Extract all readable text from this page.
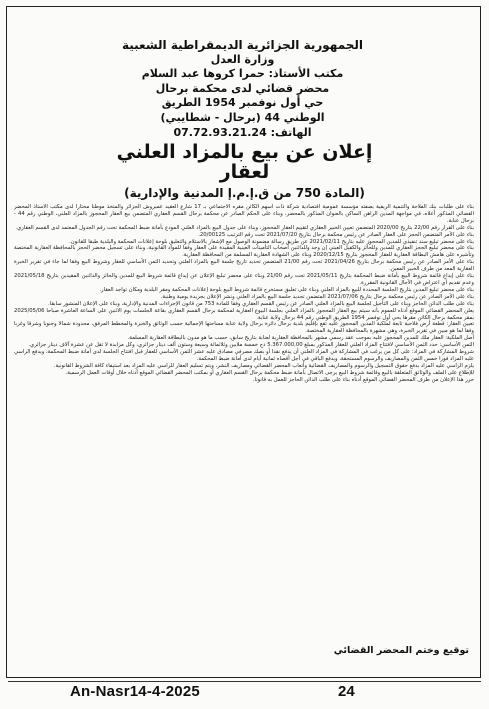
الجمهورية الجزائرية الديمقراطية الشعبية
وزارة العدل
مكتب الأستاذ: حمرا كروها عبد السلام
محضر قضائي لدى محكمة برحال
حي أول نوفمبر 1954 الطريق
الوطني 44 (برحال - شطايبي)
الهاتف: 07.72.93.21.24
إعلان عن بيع بالمزاد العلني
لعقار
(المادة 750 من ق.إ.م.إ المدنية والإدارية)

بناء على طلبات بنك الفلاحة والتنمية الريفية بصفته مؤسسة عمومية اقتصادية شركة ذات أسهم الكائن مقره الاجتماعي بـ 17 شارع العقيد عميروش الجزائر والمتخذ موطنا مختارا لدى مكتب الأستاذ المحضر القضائي المذكور أعلاه، في مواجهة المدين الراهن الساكن بالعنوان المذكور بالمحضر، وبناء على الحكم الصادر عن محكمة برحال القسم العقاري المتضمن بيع العقار المحجوز بالمزاد العلني، الوطني رقم 44 - برحال عنابة.

بناء على القرار رقم 22/00 بتاريخ 2020/00 المتضمن تعيين الخبير العقاري لتقييم العقار المحجوز، وبناء على جدول البيع بالمزاد العلني المودع بأمانة ضبط المحكمة تحت رقم الجدول المعتمد لدى القسم العقاري.

بناء على الأمر المتضمن الحجز على العقار الصادر عن رئيس محكمة برحال بتاريخ 2021/07/20 تحت رقم الترتيب 20/00125.

بناء على محضر تبليغ سند تنفيذي للمدين المحجوز عليه بتاريخ 2021/02/11 عن طريق رسالة مضمونة الوصول مع الإشعار بالاستلام والتعليق بلوحة إعلانات المحكمة والبلدية طبقا للقانون.

بناء على محضر تبليغ الحجز العقاري للمدين وللحائز والكفيل العيني إن وجد وللدائنين أصحاب التأمينات العينية المقيدة على العقار وفقا للمواد القانونية، وبناء على تسجيل محضر الحجز بالمحافظة العقارية المختصة وتأشيره على هامش البطاقة العقارية للعقار المحجوز بتاريخ 2020/12/15 وبناء على الشهادة العقارية المسلمة من المحافظة العقارية.

بناء على الأمر الصادر عن رئيس محكمة برحال بتاريخ 2021/04/26 تحت رقم 21/00 المتضمن تحديد تاريخ جلسة البيع بالمزاد العلني وتحديد الثمن الأساسي للعقار وشروط البيع وفقا لما جاء في تقرير الخبرة العقارية المعد من طرف الخبير المعين.

بناء على إيداع قائمة شروط البيع بأمانة ضبط المحكمة بتاريخ 2021/05/11 تحت رقم 21/00 وبناء على محضر تبليغ الإعلان عن إيداع قائمة شروط البيع للمدين والحائز والدائنين المقيدين بتاريخ 2021/05/18 وعدم تقديم أي اعتراض في الآجال القانونية المقررة.

بناء على محضر تبليغ المدين بتاريخ الجلسة المحددة للبيع بالمزاد العلني وبناء على تعليق مستخرج قائمة شروط البيع بلوحة إعلانات المحكمة ومقر البلدية ومكان تواجد العقار.

بناء على الأمر الصادر عن رئيس محكمة برحال بتاريخ 2021/07/06 المتضمن تحديد جلسة البيع بالمزاد العلني ونشر الإعلان بجريدة يومية وطنية.

بناء على طلب الدائن الحاجز وبناء على التأجيل لجلسة البيع بالمزاد العلني الصادر عن رئيس القسم العقاري وفقا للمادة 753 من قانون الإجراءات المدنية والإدارية، وبناء على الإعلان المنشور سابقا.

يعلن المحضر القضائي الموقع أدناه للعموم بأنه سيتم بيع العقار المحجوز بالمزاد العلني بجلسة البيوع العقارية لمحكمة برحال القسم العقاري بقاعة الجلسات يوم الاثنين على الساعة العاشرة صباحا 2025/05/06 بمقر محكمة برحال الكائن مقرها بحي أول نوفمبر 1954 الطريق الوطني رقم 44 برحال ولاية عنابة.

تعيين العقار: قطعة أرض فلاحية تابعة لملكية المدين المحجوز عليه تقع بإقليم بلدية برحال دائرة برحال ولاية عنابة مساحتها الإجمالية حسب الوثائق والخبرة والمخطط المرفق، محدودة شمالا وجنوبا وشرقا وغربا وفقا لما هو مبين في تقرير الخبرة، وهي مشهرة بالمحافظة العقارية المختصة.

أصل الملكية: العقار ملك للمدين المحجوز عليه بموجب عقد رسمي مشهر بالمحافظة العقارية لعنابة بتاريخ سابق، حسب ما هو مدون بالبطاقة العقارية المسلمة.

الثمن الأساسي: حدد الثمن الأساسي لافتتاح المزاد العلني للعقار المذكور بمبلغ 5.367.000,00 دج خمسة ملايين وثلاثمائة وسبعة وستون ألف دينار جزائري، وكل مزايدة لا تقل عن عشرة آلاف دينار جزائري.

شروط المشاركة في المزاد: على كل من يرغب في المشاركة في المزاد العلني أن يدفع نقدا أو بصك مصرفي مصادق عليه عشر الثمن الأساسي للعقار قبل افتتاح الجلسة لدى أمانة ضبط المحكمة، ويدفع الراسي عليه المزاد فورا خمس الثمن والمصاريف والرسوم المستحقة، ويدفع الباقي في أجل أقصاه ثمانية أيام لدى أمانة ضبط المحكمة.

يلزم الراسي عليه المزاد بدفع حقوق التسجيل والرسوم والمصاريف القضائية وأتعاب المحضر القضائي ومصاريف النشر، ويتم تسليم العقار للراسي عليه المزاد بعد استيفاء كافة الشروط القانونية.

للإطلاع على الملف والوثائق المتعلقة بالبيع وقائمة شروط البيع يرجى الاتصال بأمانة ضبط محكمة برحال القسم العقاري أو بمكتب المحضر القضائي الموقع أدناه خلال أوقات العمل الرسمية.

حرر هذا الإعلان من طرف المحضر القضائي الموقع أدناه بناء على طلب الدائن الحاجز للعمل به قانونا.

توقيع وختم المحضر القضائي
An-Nasr14-4-2025	24
